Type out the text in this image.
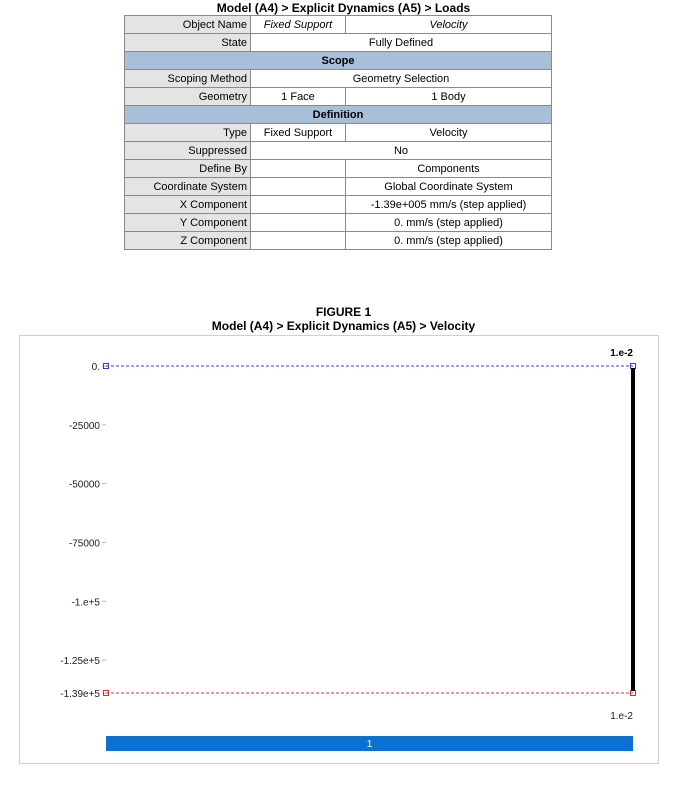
Model (A4) > Explicit Dynamics (A5) > Loads
Object Name	Fixed Support	Velocity
State	Fully Defined	
Scope		
Scoping Method	Geometry Selection	
Geometry	1 Face	1 Body
Definition		
Type	Fixed Support	Velocity
Suppressed	No	
Define By		Components
Coordinate System		Global Coordinate System
X Component		-1.39e+005 mm/s (step applied)
Y Component		0. mm/s (step applied)
Z Component		0. mm/s (step applied)
FIGURE 1
Model (A4) > Explicit Dynamics (A5) > Velocity
0.
-25000
-50000
-75000
-1.e+5
-1.25e+5
-1.39e+5
1.e-2
1.e-2
1
